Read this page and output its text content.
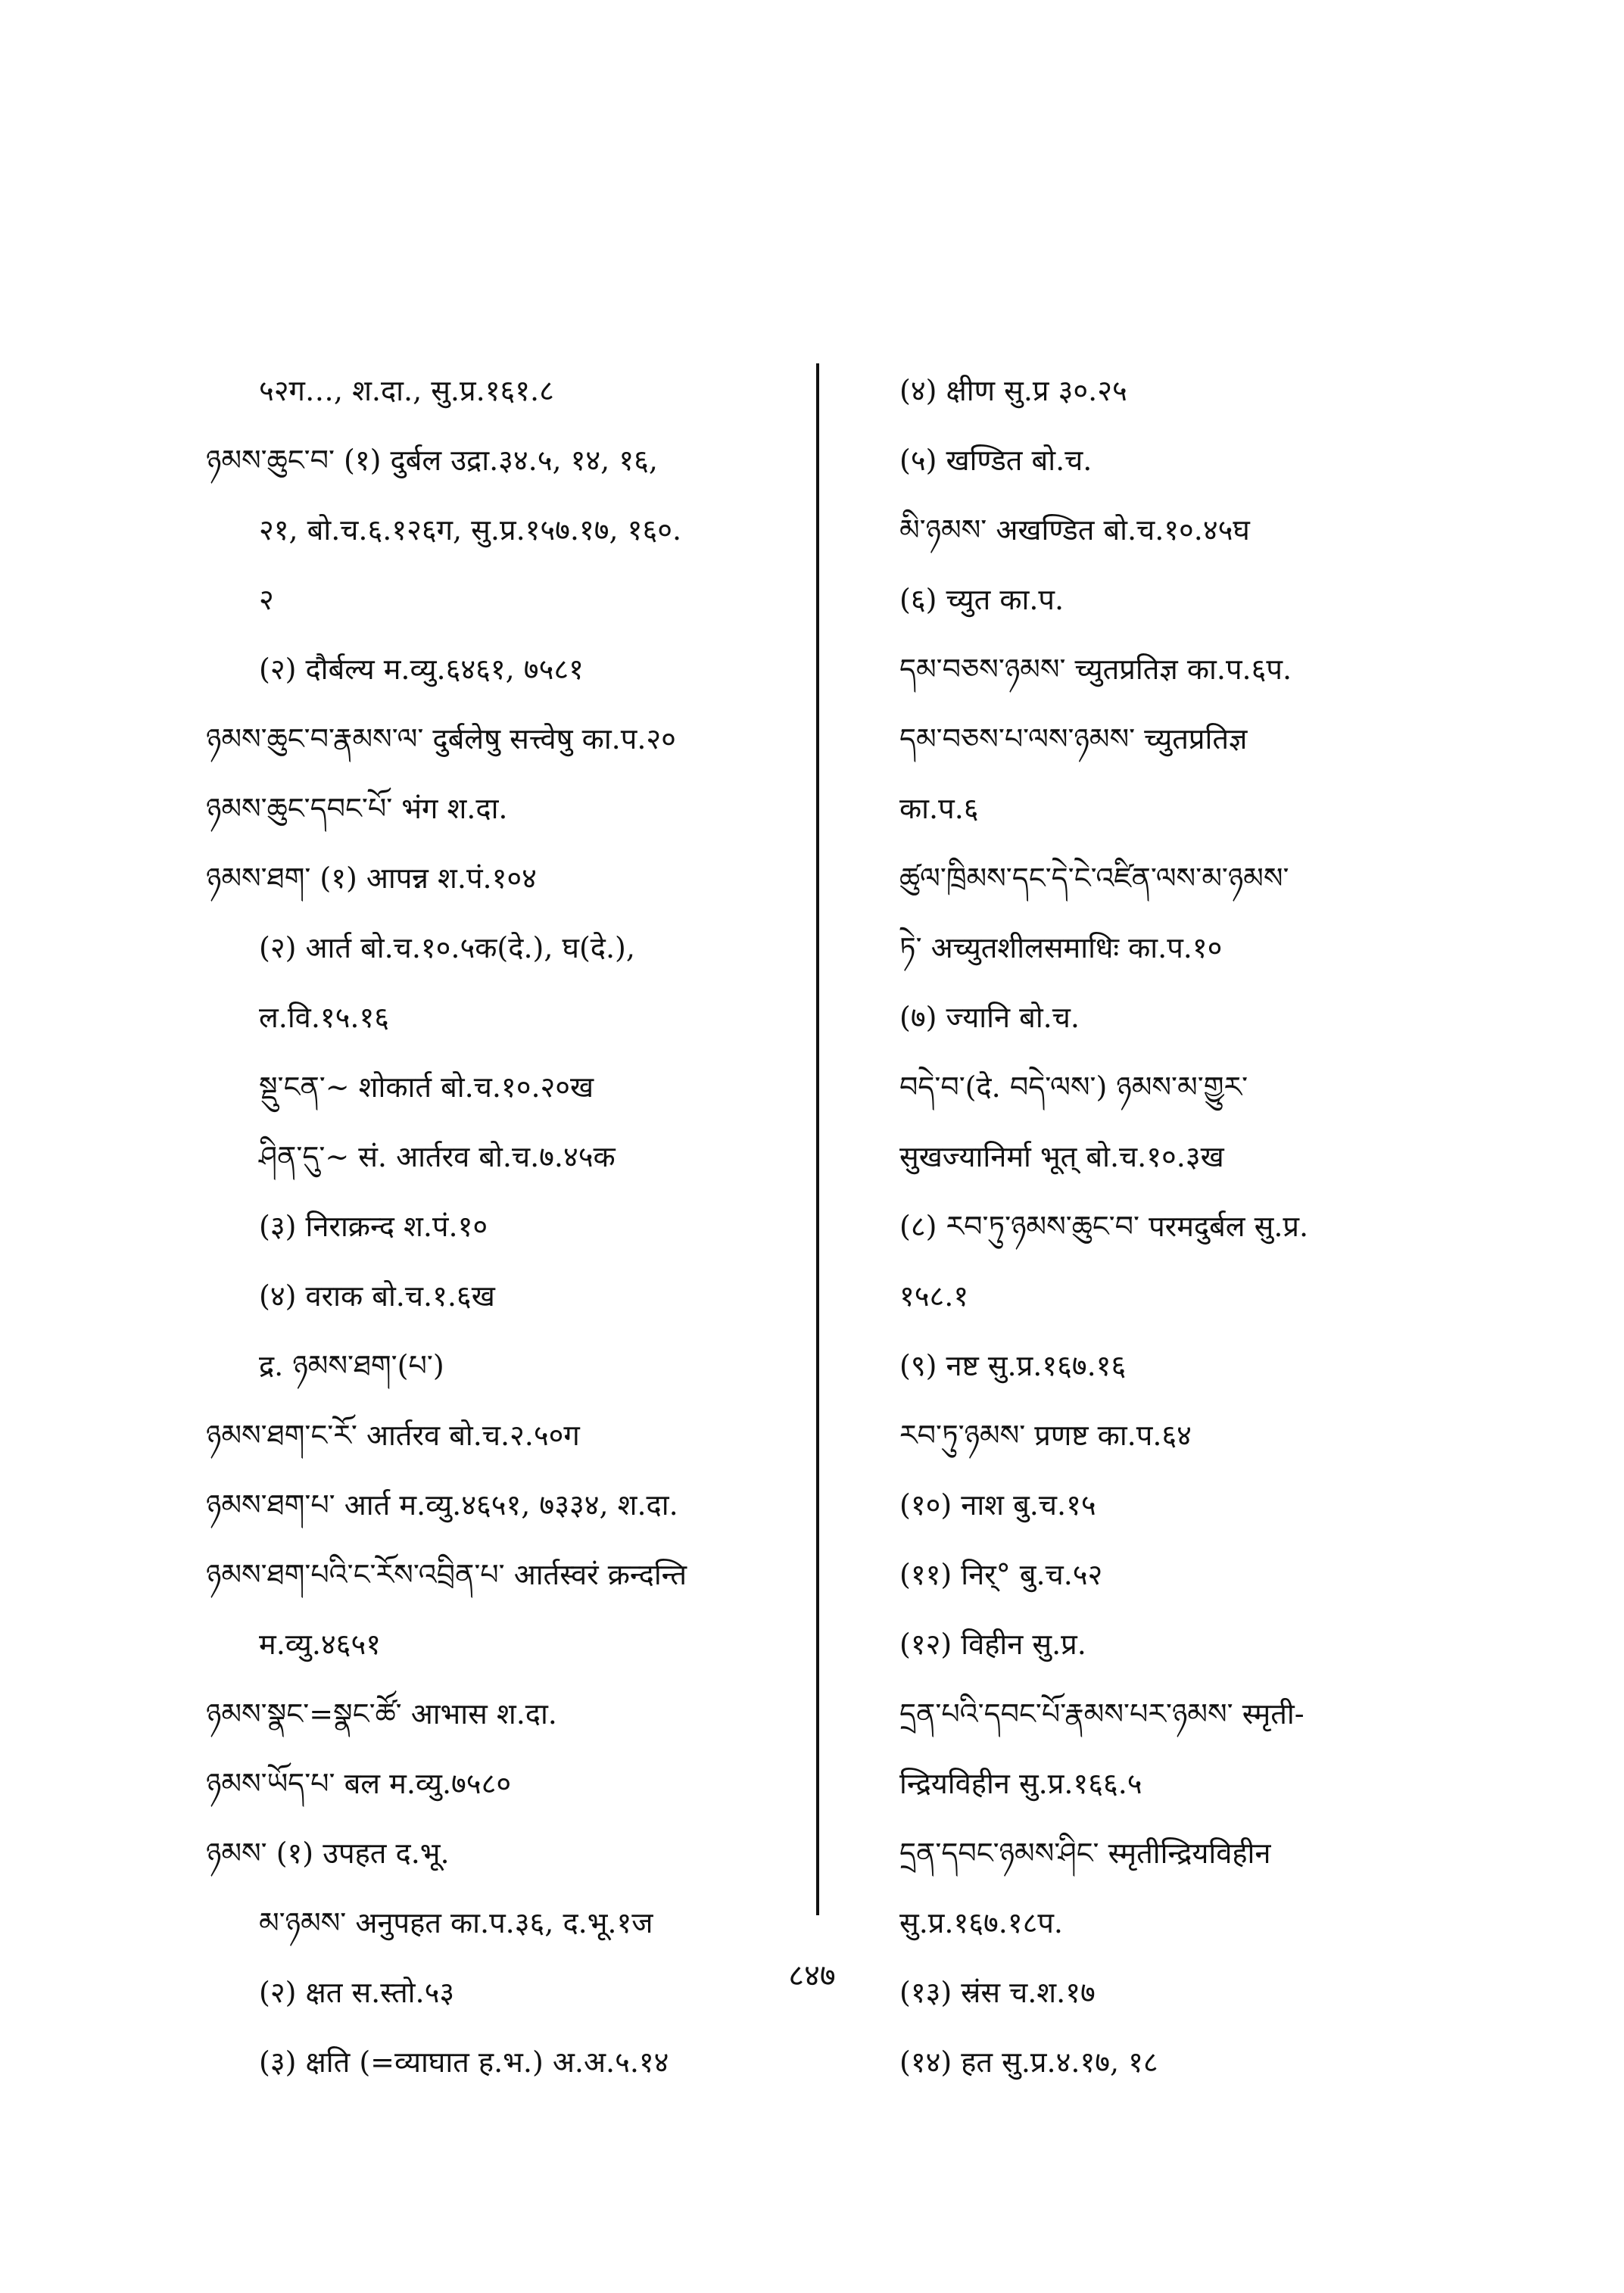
५२ग…, श.दा., सु.प्र.१६१.८
ཉམས་ཆུང་བ་ (१) दुर्बल उद्रा.३४.५, १४, १६,
२१, बो.च.६.१२६ग, सु.प्र.१५७.१७, १६०.
२
(२) दौर्बल्य म.व्यु.६४६१, ७५८१
ཉམས་ཆུང་བ་རྣམས་ལ་ दुर्बलेषु सत्त्वेषु का.प.२०
ཉམས་ཆུང་དབང་པོ་ भंग श.दा.
ཉམས་ཐག་ (१) आपन्न श.पं.१०४
(२) आर्त बो.च.१०.५क(दे.), घ(दे.),
ल.वि.१५.१६
སྡུ་ངན་~ शोकार्त बो.च.१०.२०ख
ཤིན་དུ་~ सं. आर्तरव बो.च.७.४५क
(३) निराक्रन्द श.पं.१०
(४) वराक बो.च.१.६ख
द्र. ཉམས་ཐག་(པ་)
ཉམས་ཐག་ང་རོ་ आर्तरव बो.च.२.५०ग
ཉམས་ཐག་པ་ आर्त म.व्यु.४६५१, ७३३४, श.दा.
ཉམས་ཐག་པའི་ང་རོས་འབྲིན་པ་ आर्तस्वरं क्रन्दन्ति
म.व्यु.४६५१
ཉམས་སྣང་=སྣང་ཚོ་ आभास श.दा.
ཉམས་ཡོད་པ་ बल म.व्यु.७५८०
ཉམས་ (१) उपहत द.भू.
མ་ཉམས་ अनुपहत का.प.३६, द.भू.१ज
(२) क्षत स.स्तो.५३
(३) क्षति (=व्याघात ह.भ.) अ.अ.५.१४
(४) क्षीण सु.प्र ३०.२५
(५) खण्डित बो.च.
མི་ཉམས་ अखण्डित बो.च.१०.४५घ
(६) च्युत का.प.
དམ་བཅས་ཉམས་ च्युतप्रतिज्ञ का.प.६प.
དམ་བཅས་པ་ལས་ཉམས་ च्युतप्रतिज्ञ
का.प.६
ཚུལ་ཁྲིམས་དང་དེ་ངེ་འཛིན་ལས་མ་ཉམས་
ཏེ་ अच्युतशीलसमाधिः का.प.१०
(७) ज्यानि बो.च.
བདེ་བ་(दे. བདེ་ལས་) ཉམས་མ་གྱུར་
सुखज्यानिर्मा भूत् बो.च.१०.३ख
(८) རབ་ཏུ་ཉམས་ཆུང་བ་ परमदुर्बल सु.प्र.
१५८.१
(९) नष्ट सु.प्र.१६७.१६
རབ་ཏུ་ཉམས་ प्रणष्ट का.प.६४
(१०) नाश बु.च.१५
(११) निर्° बु.च.५२
(१२) विहीन सु.प्र.
དྲན་པའི་དབང་པོ་རྣམས་པར་ཉམས་ स्मृती-
न्द्रियविहीन सु.प्र.१६६.५
དྲན་དབང་ཉམས་ཤིང་ स्मृतीन्द्रियविहीन
सु.प्र.१६७.१८प.
(१३) स्रंस च.श.१७
(१४) हत सु.प्र.४.१७, १८
८४७
